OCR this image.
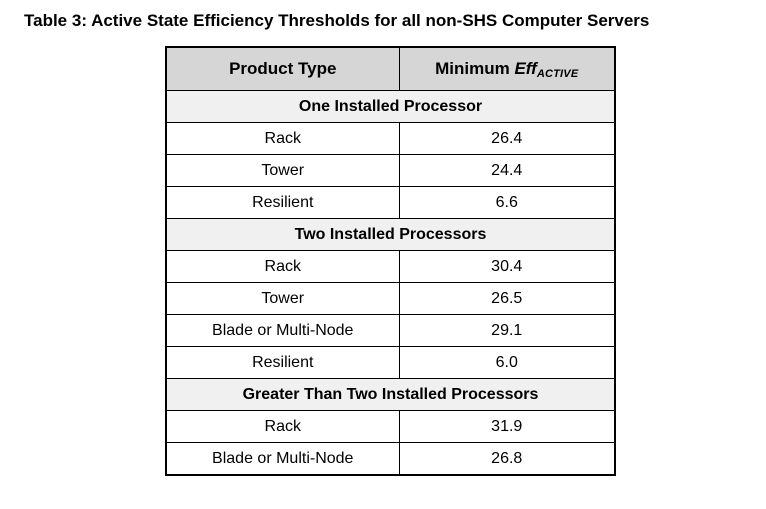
Table 3: Active State Efficiency Thresholds for all non-SHS Computer Servers
Product Type	Minimum Eff$_{ACTIVE}$
One Installed Processor	
Rack	26.4
Tower	24.4
Resilient	6.6
Two Installed Processors	
Rack	30.4
Tower	26.5
Blade or Multi-Node	29.1
Resilient	6.0
Greater Than Two Installed Processors	
Rack	31.9
Blade or Multi-Node	26.8
